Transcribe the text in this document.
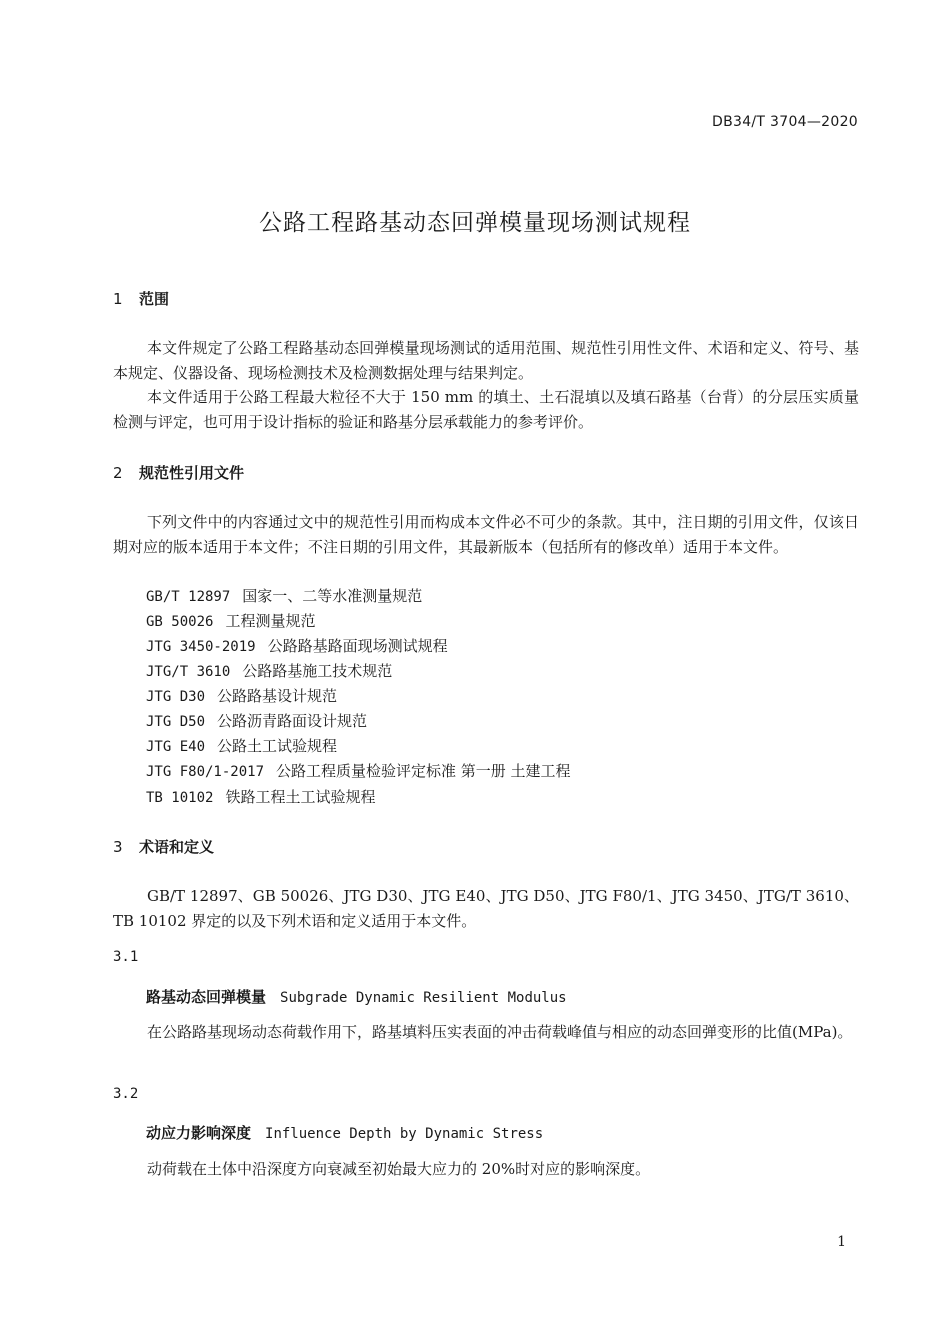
DB34/T 3704—2020
公路工程路基动态回弹模量现场测试规程
1 范围
本文件规定了公路工程路基动态回弹模量现场测试的适用范围、规范性引用性文件、术语和定义、符号、基本规定、仪器设备、现场检测技术及检测数据处理与结果判定。
本文件适用于公路工程最大粒径不大于 150 mm 的填土、土石混填以及填石路基（台背）的分层压实质量检测与评定，也可用于设计指标的验证和路基分层承载能力的参考评价。
2 规范性引用文件
下列文件中的内容通过文中的规范性引用而构成本文件必不可少的条款。其中，注日期的引用文件，仅该日期对应的版本适用于本文件；不注日期的引用文件，其最新版本（包括所有的修改单）适用于本文件。
GB/T 12897 国家一、二等水准测量规范
GB 50026 工程测量规范
JTG 3450-2019 公路路基路面现场测试规程
JTG/T 3610 公路路基施工技术规范
JTG D30 公路路基设计规范
JTG D50 公路沥青路面设计规范
JTG E40 公路土工试验规程
JTG F80/1-2017 公路工程质量检验评定标准 第一册 土建工程
TB 10102 铁路工程土工试验规程
3 术语和定义
GB/T 12897、GB 50026、JTG D30、JTG E40、JTG D50、JTG F80/1、JTG 3450、JTG/T 3610、TB 10102 界定的以及下列术语和定义适用于本文件。
3.1
路基动态回弹模量 Subgrade Dynamic Resilient Modulus
在公路路基现场动态荷载作用下，路基填料压实表面的冲击荷载峰值与相应的动态回弹变形的比值(MPa)。
3.2
动应力影响深度 Influence Depth by Dynamic Stress
动荷载在土体中沿深度方向衰减至初始最大应力的 20%时对应的影响深度。
1
